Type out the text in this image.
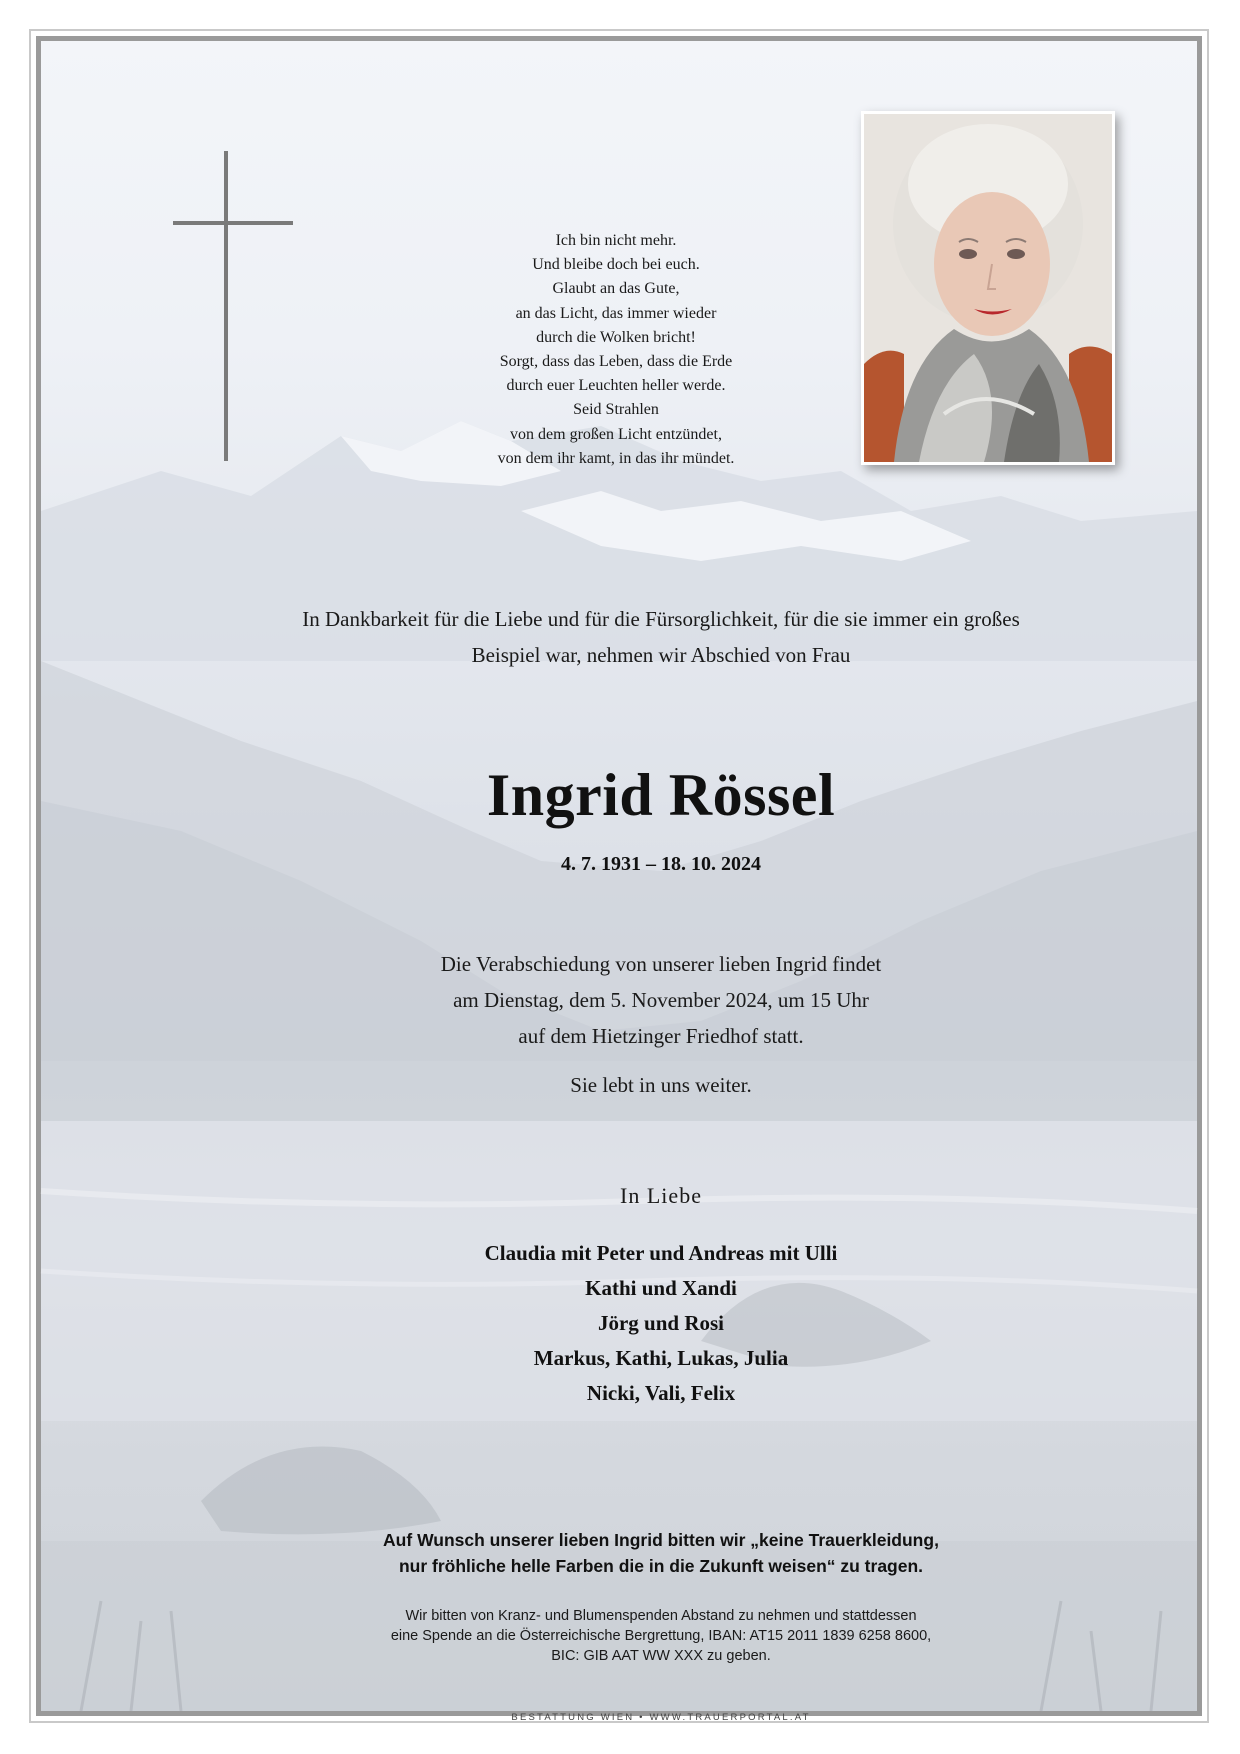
Ich bin nicht mehr.
Und bleibe doch bei euch.
Glaubt an das Gute,
an das Licht, das immer wieder
durch die Wolken bricht!
Sorgt, dass das Leben, dass die Erde
durch euer Leuchten heller werde.
Seid Strahlen
von dem großen Licht entzündet,
von dem ihr kamt, in das ihr mündet.
In Dankbarkeit für die Liebe und für die Fürsorglichkeit, für die sie immer ein großes
Beispiel war, nehmen wir Abschied von Frau
Ingrid Rössel
4. 7. 1931 – 18. 10. 2024
Die Verabschiedung von unserer lieben Ingrid findet
am Dienstag, dem 5. November 2024, um 15 Uhr
auf dem Hietzinger Friedhof statt.
Sie lebt in uns weiter.
In Liebe
Claudia mit Peter und Andreas mit Ulli
Kathi und Xandi
Jörg und Rosi
Markus, Kathi, Lukas, Julia
Nicki, Vali, Felix
Auf Wunsch unserer lieben Ingrid bitten wir „keine Trauerkleidung,
nur fröhliche helle Farben die in die Zukunft weisen“ zu tragen.
Wir bitten von Kranz- und Blumenspenden Abstand zu nehmen und stattdessen
eine Spende an die Österreichische Bergrettung, IBAN: AT15 2011 1839 6258 8600,
BIC: GIB AAT WW XXX zu geben.
BESTATTUNG WIEN • WWW.TRAUERPORTAL.AT
